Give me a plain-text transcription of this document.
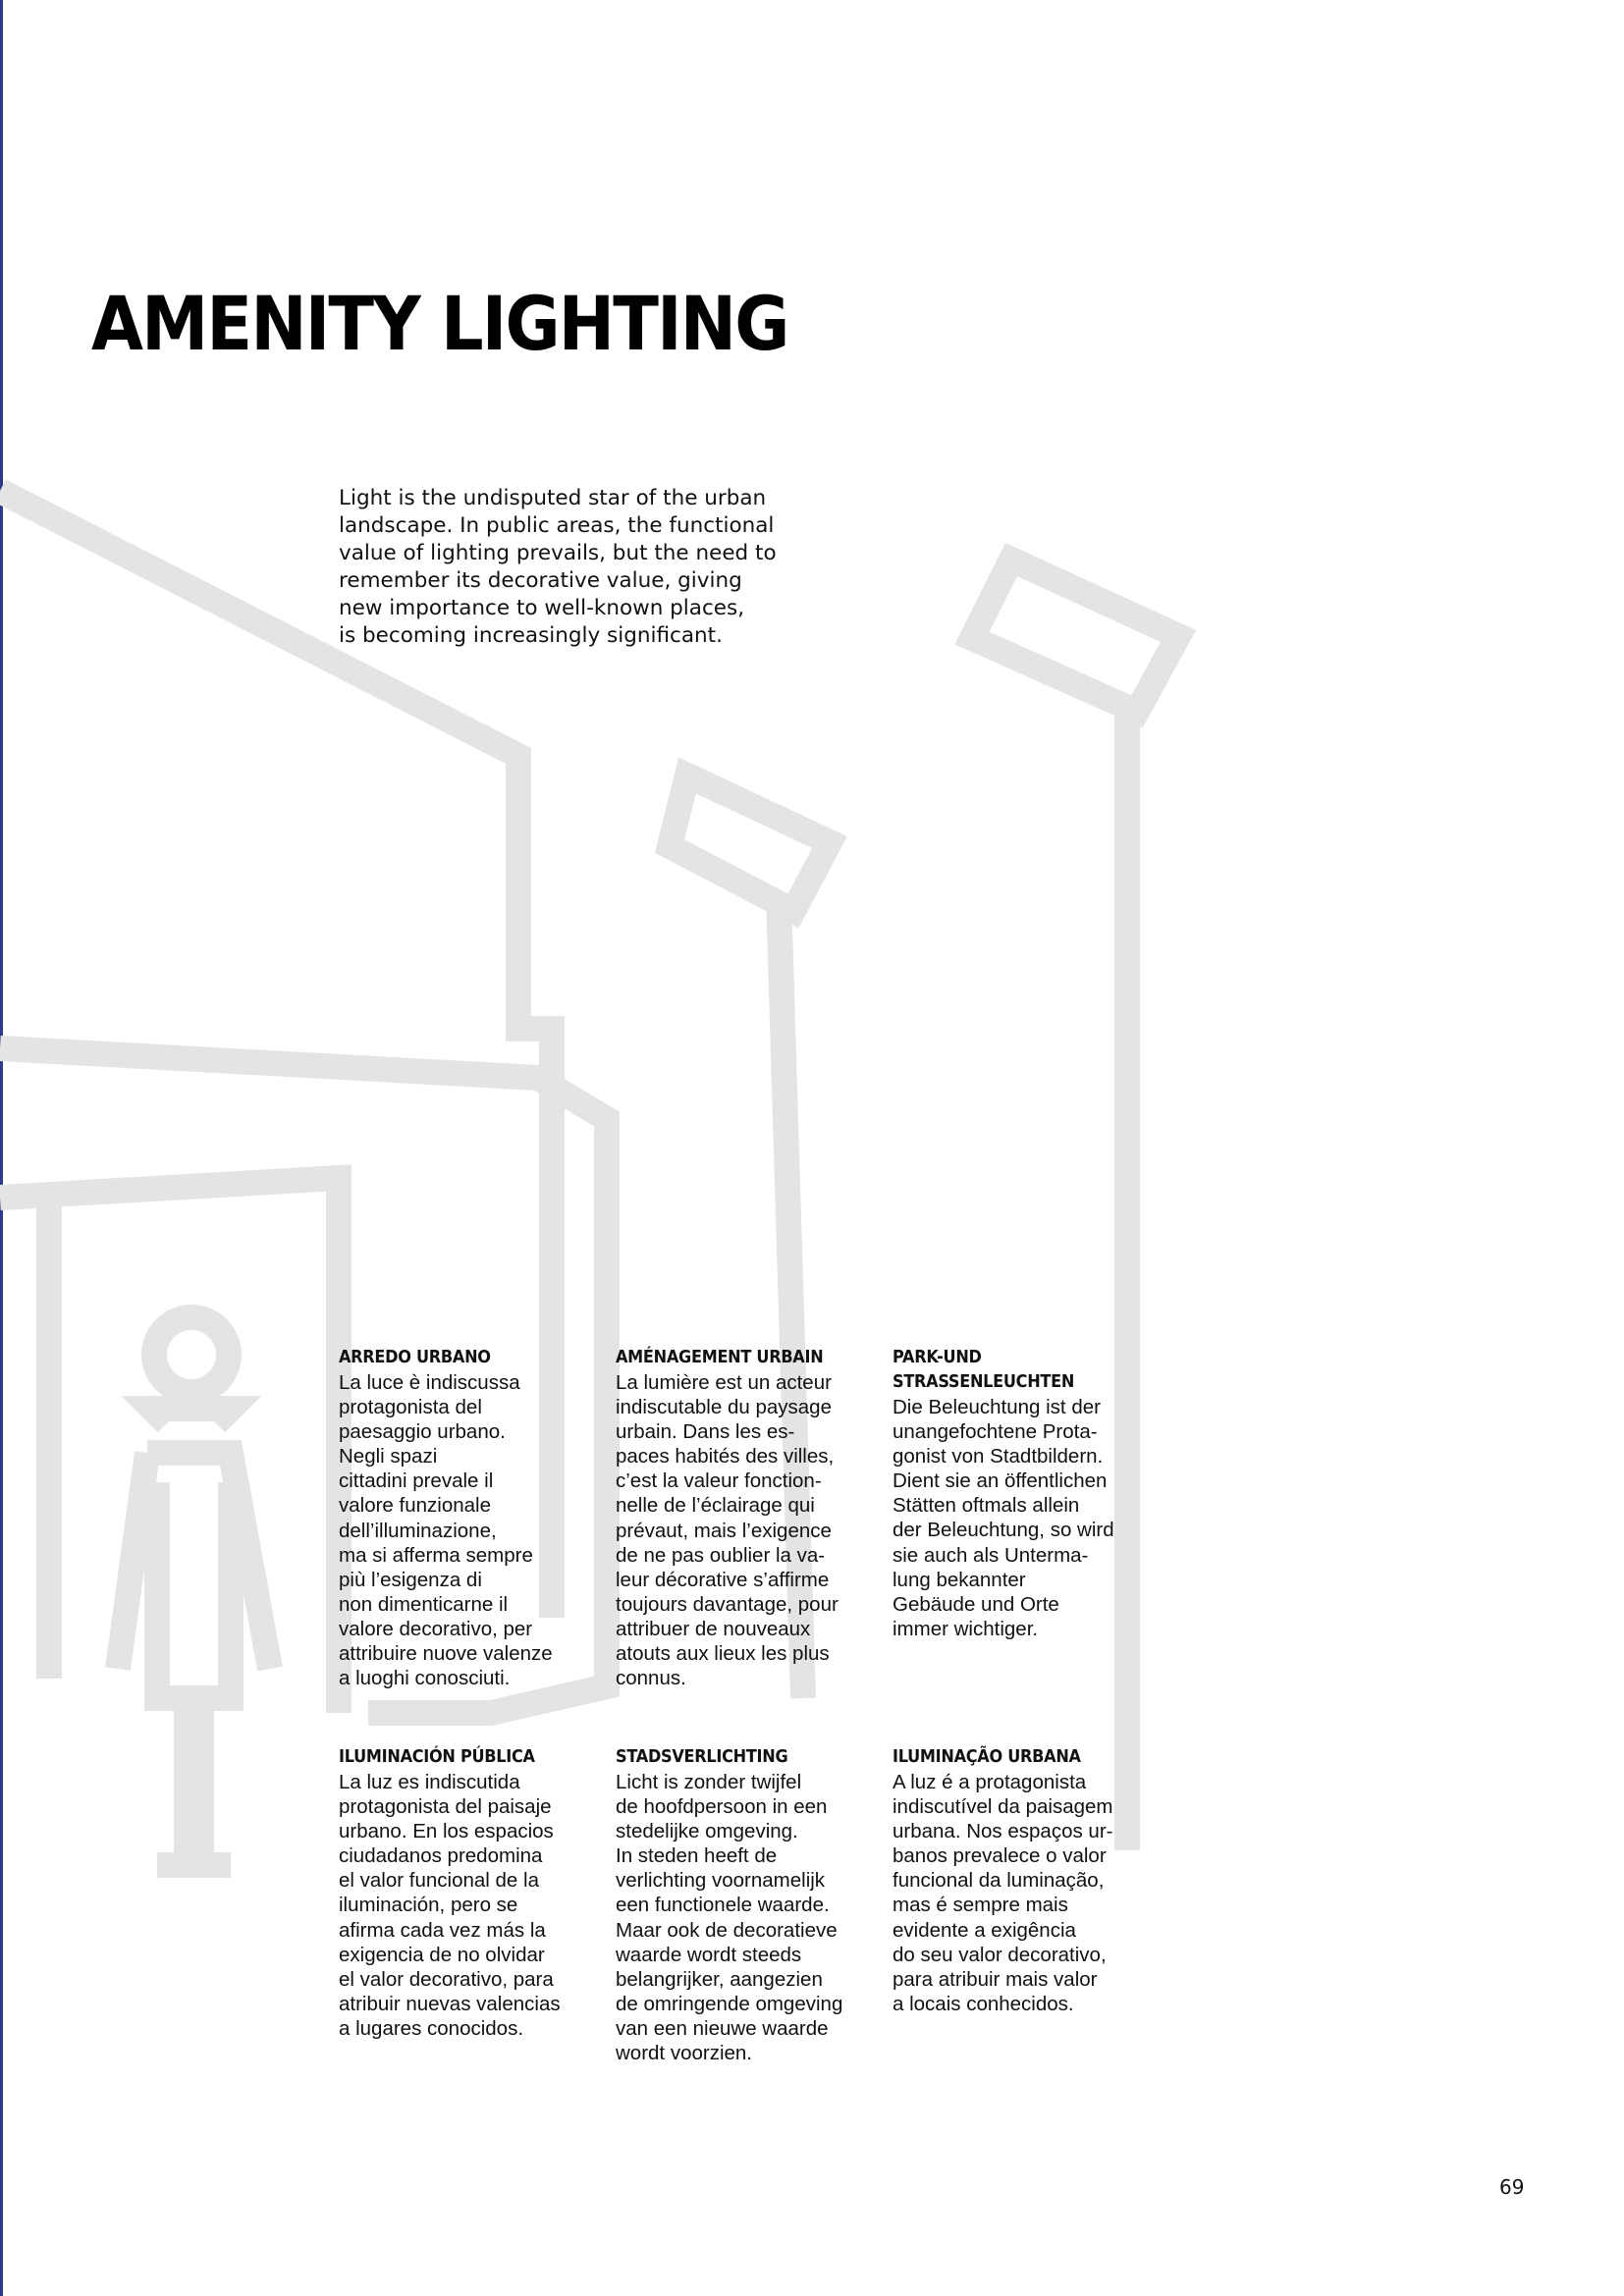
AMENITY LIGHTING

Light is the undisputed star of the urban
landscape. In public areas, the functional
value of lighting prevails, but the need to
remember its decorative value, giving
new importance to well-known places,
is becoming increasingly significant.

ARREDO URBANO

La luce è indiscussa
protagonista del
paesaggio urbano.
Negli spazi
cittadini prevale il
valore funzionale
dell’illuminazione,
ma si afferma sempre
più l’esigenza di
non dimenticarne il
valore decorativo, per
attribuire nuove valenze
a luoghi conosciuti.

AMÉNAGEMENT URBAIN

La lumière est un acteur
indiscutable du paysage
urbain. Dans les es-
paces habités des villes,
c’est la valeur fonction-
nelle de l’éclairage qui
prévaut, mais l’exigence
de ne pas oublier la va-
leur décorative s’affirme
toujours davantage, pour
attribuer de nouveaux
atouts aux lieux les plus
connus.

PARK-UND
STRASSENLEUCHTEN

Die Beleuchtung ist der
unangefochtene Prota-
gonist von Stadtbildern.
Dient sie an öffentlichen
Stätten oftmals allein
der Beleuchtung, so wird
sie auch als Unterma-
lung bekannter
Gebäude und Orte
immer wichtiger.

ILUMINACIÓN PÚBLICA

La luz es indiscutida
protagonista del paisaje
urbano. En los espacios
ciudadanos predomina
el valor funcional de la
iluminación, pero se
afirma cada vez más la
exigencia de no olvidar
el valor decorativo, para
atribuir nuevas valencias
a lugares conocidos.

STADSVERLICHTING

Licht is zonder twijfel
de hoofdpersoon in een
stedelijke omgeving.
In steden heeft de
verlichting voornamelijk
een functionele waarde.
Maar ook de decoratieve
waarde wordt steeds
belangrijker, aangezien
de omringende omgeving
van een nieuwe waarde
wordt voorzien.

ILUMINAÇÃO URBANA

A luz é a protagonista
indiscutível da paisagem
urbana. Nos espaços ur-
banos prevalece o valor
funcional da luminação,
mas é sempre mais
evidente a exigência
do seu valor decorativo,
para atribuir mais valor
a locais conhecidos.

69
